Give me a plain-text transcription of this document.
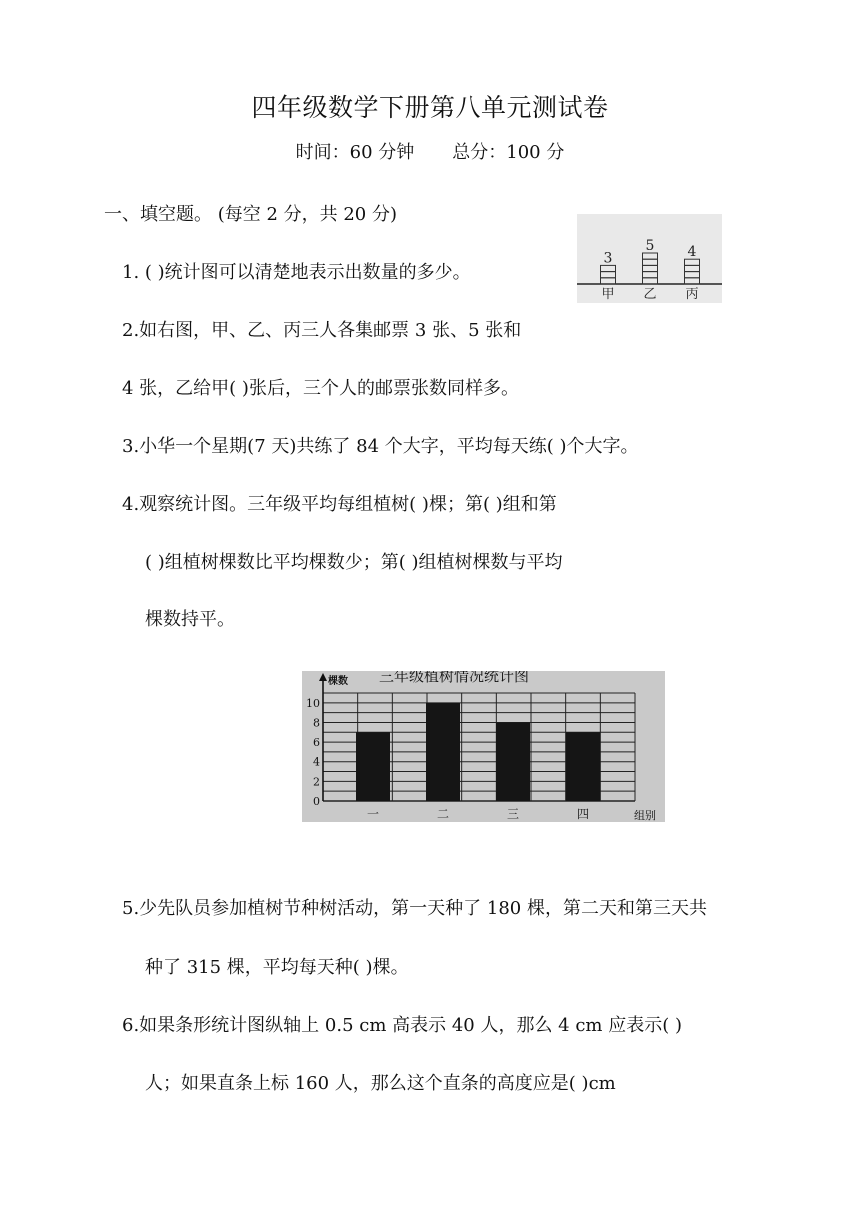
四年级数学下册第八单元测试卷
时间：60 分钟 总分：100 分
一、填空题。 (每空 2 分，共 20 分)
1. ( )统计图可以清楚地表示出数量的多少。
2.如右图，甲、乙、丙三人各集邮票 3 张、5 张和
4 张，乙给甲( )张后，三个人的邮票张数同样多。
3.小华一个星期(7 天)共练了 84 个大字，平均每天练( )个大字。
4.观察统计图。三年级平均每组植树( )棵；第( )组和第
( )组植树棵数比平均棵数少；第( )组植树棵数与平均
棵数持平。
5.少先队员参加植树节种树活动，第一天种了 180 棵，第二天和第三天共
种了 315 棵，平均每天种( )棵。
6.如果条形统计图纵轴上 0.5 cm 高表示 40 人，那么 4 cm 应表示( )
人；如果直条上标 160 人，那么这个直条的高度应是( )cm
3
甲
5
乙
4
丙
0
2
4
6
8
10
棵数 三年级植树情况统计图
一	二	三	四	组别
